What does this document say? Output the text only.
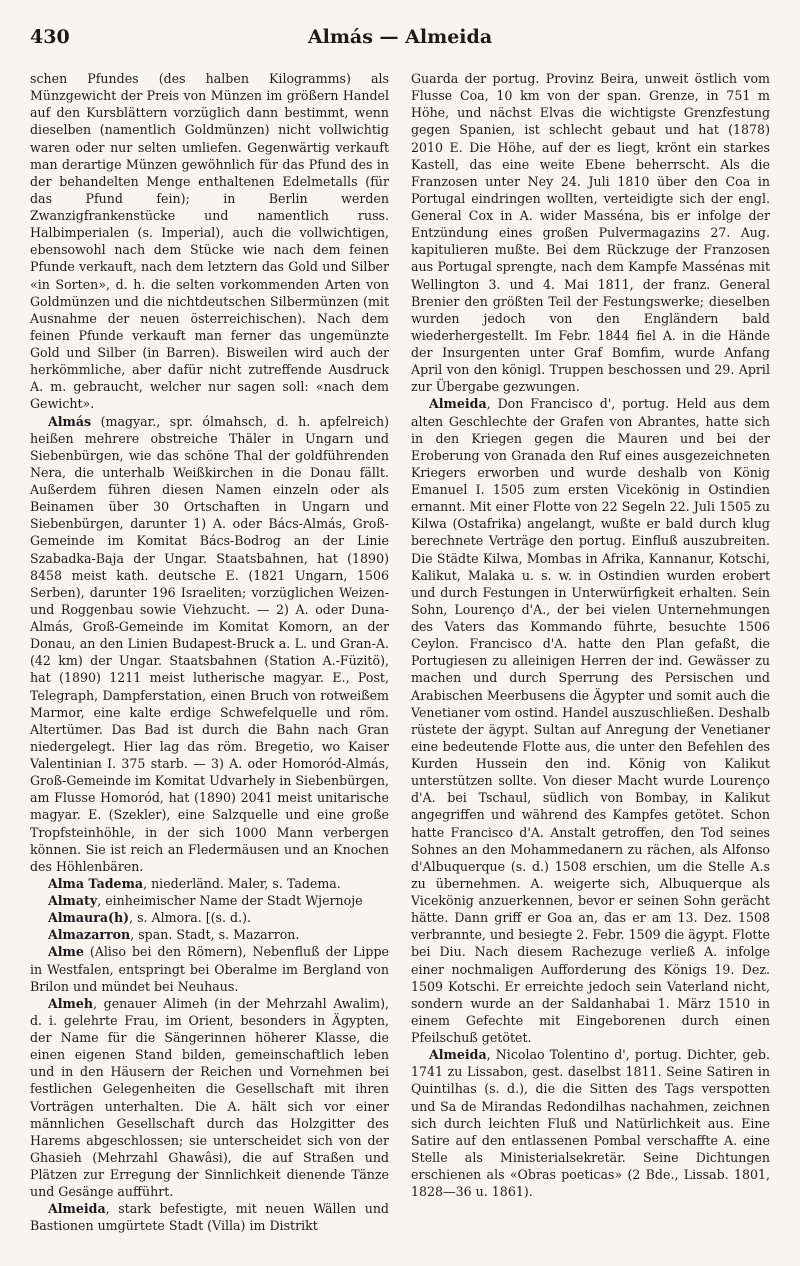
430	Almás — Almeida

schen Pfundes (des halben Kilogramms) als Münzgewicht der Preis von Münzen im größern Handel auf den Kursblättern vorzüglich dann bestimmt, wenn dieselben (namentlich Goldmünzen) nicht vollwichtig waren oder nur selten umliefen. Gegenwärtig verkauft man derartige Münzen gewöhnlich für das Pfund des in der behandelten Menge enthaltenen Edelmetalls (für das Pfund fein); in Berlin werden Zwanzigfrankenstücke und namentlich russ. Halbimperialen (s. Imperial), auch die vollwichtigen, ebensowohl nach dem Stücke wie nach dem feinen Pfunde verkauft, nach dem letztern das Gold und Silber «in Sorten», d. h. die selten vorkommenden Arten von Goldmünzen und die nichtdeutschen Silbermünzen (mit Ausnahme der neuen österreichischen). Nach dem feinen Pfunde verkauft man ferner das ungemünzte Gold und Silber (in Barren). Bisweilen wird auch der herkömmliche, aber dafür nicht zutreffende Ausdruck A. m. gebraucht, welcher nur sagen soll: «nach dem Gewicht».

Almás (magyar., spr. ólmahsch, d. h. apfelreich) heißen mehrere obstreiche Thäler in Ungarn und Siebenbürgen, wie das schöne Thal der goldführenden Nera, die unterhalb Weißkirchen in die Donau fällt. Außerdem führen diesen Namen einzeln oder als Beinamen über 30 Ortschaften in Ungarn und Siebenbürgen, darunter 1) A. oder Bács-Almás, Groß-Gemeinde im Komitat Bács-Bodrog an der Linie Szabadka-Baja der Ungar. Staatsbahnen, hat (1890) 8458 meist kath. deutsche E. (1821 Ungarn, 1506 Serben), darunter 196 Israeliten; vorzüglichen Weizen- und Roggenbau sowie Viehzucht. — 2) A. oder Duna-Almás, Groß-Gemeinde im Komitat Komorn, an der Donau, an den Linien Budapest-Bruck a. L. und Gran-A. (42 km) der Ungar. Staatsbahnen (Station A.-Füzitö), hat (1890) 1211 meist lutherische magyar. E., Post, Telegraph, Dampferstation, einen Bruch von rotweißem Marmor, eine kalte erdige Schwefelquelle und röm. Altertümer. Das Bad ist durch die Bahn nach Gran niedergelegt. Hier lag das röm. Bregetio, wo Kaiser Valentinian I. 375 starb. — 3) A. oder Homoród-Almás, Groß-Gemeinde im Komitat Udvarhely in Siebenbürgen, am Flusse Homoród, hat (1890) 2041 meist unitarische magyar. E. (Szekler), eine Salzquelle und eine große Tropfsteinhöhle, in der sich 1000 Mann verbergen können. Sie ist reich an Fledermäusen und an Knochen des Höhlenbären.

Alma Tadema, niederländ. Maler, s. Tadema.

Almaty, einheimischer Name der Stadt Wjernoje

Almaura(h), s. Almora. [(s. d.).

Almazarron, span. Stadt, s. Mazarron.

Alme (Aliso bei den Römern), Nebenfluß der Lippe in Westfalen, entspringt bei Oberalme im Bergland von Brilon und mündet bei Neuhaus.

Almeh, genauer Alimeh (in der Mehrzahl Awalim), d. i. gelehrte Frau, im Orient, besonders in Ägypten, der Name für die Sängerinnen höherer Klasse, die einen eigenen Stand bilden, gemeinschaftlich leben und in den Häusern der Reichen und Vornehmen bei festlichen Gelegenheiten die Gesellschaft mit ihren Vorträgen unterhalten. Die A. hält sich vor einer männlichen Gesellschaft durch das Holzgitter des Harems abgeschlossen; sie unterscheidet sich von der Ghasieh (Mehrzahl Ghawâsi), die auf Straßen und Plätzen zur Erregung der Sinnlichkeit dienende Tänze und Gesänge aufführt.

Almeida, stark befestigte, mit neuen Wällen und Bastionen umgürtete Stadt (Villa) im Distrikt

Guarda der portug. Provinz Beira, unweit östlich vom Flusse Coa, 10 km von der span. Grenze, in 751 m Höhe, und nächst Elvas die wichtigste Grenzfestung gegen Spanien, ist schlecht gebaut und hat (1878) 2010 E. Die Höhe, auf der es liegt, krönt ein starkes Kastell, das eine weite Ebene beherrscht. Als die Franzosen unter Ney 24. Juli 1810 über den Coa in Portugal eindringen wollten, verteidigte sich der engl. General Cox in A. wider Masséna, bis er infolge der Entzündung eines großen Pulvermagazins 27. Aug. kapitulieren mußte. Bei dem Rückzuge der Franzosen aus Portugal sprengte, nach dem Kampfe Massénas mit Wellington 3. und 4. Mai 1811, der franz. General Brenier den größten Teil der Festungswerke; dieselben wurden jedoch von den Engländern bald wiederhergestellt. Im Febr. 1844 fiel A. in die Hände der Insurgenten unter Graf Bomfim, wurde Anfang April von den königl. Truppen beschossen und 29. April zur Übergabe gezwungen.

Almeida, Don Francisco d', portug. Held aus dem alten Geschlechte der Grafen von Abrantes, hatte sich in den Kriegen gegen die Mauren und bei der Eroberung von Granada den Ruf eines ausgezeichneten Kriegers erworben und wurde deshalb von König Emanuel I. 1505 zum ersten Vicekönig in Ostindien ernannt. Mit einer Flotte von 22 Segeln 22. Juli 1505 zu Kilwa (Ostafrika) angelangt, wußte er bald durch klug berechnete Verträge den portug. Einfluß auszubreiten. Die Städte Kilwa, Mombas in Afrika, Kannanur, Kotschi, Kalikut, Malaka u. s. w. in Ostindien wurden erobert und durch Festungen in Unterwürfigkeit erhalten. Sein Sohn, Lourenço d'A., der bei vielen Unternehmungen des Vaters das Kommando führte, besuchte 1506 Ceylon. Francisco d'A. hatte den Plan gefaßt, die Portugiesen zu alleinigen Herren der ind. Gewässer zu machen und durch Sperrung des Persischen und Arabischen Meerbusens die Ägypter und somit auch die Venetianer vom ostind. Handel auszuschließen. Deshalb rüstete der ägypt. Sultan auf Anregung der Venetianer eine bedeutende Flotte aus, die unter den Befehlen des Kurden Hussein den ind. König von Kalikut unterstützen sollte. Von dieser Macht wurde Lourenço d'A. bei Tschaul, südlich von Bombay, in Kalikut angegriffen und während des Kampfes getötet. Schon hatte Francisco d'A. Anstalt getroffen, den Tod seines Sohnes an den Mohammedanern zu rächen, als Alfonso d'Albuquerque (s. d.) 1508 erschien, um die Stelle A.s zu übernehmen. A. weigerte sich, Albuquerque als Vicekönig anzuerkennen, bevor er seinen Sohn gerächt hätte. Dann griff er Goa an, das er am 13. Dez. 1508 verbrannte, und besiegte 2. Febr. 1509 die ägypt. Flotte bei Diu. Nach diesem Rachezuge verließ A. infolge einer nochmaligen Aufforderung des Königs 19. Dez. 1509 Kotschi. Er erreichte jedoch sein Vaterland nicht, sondern wurde an der Saldanhabai 1. März 1510 in einem Gefechte mit Eingeborenen durch einen Pfeilschuß getötet.

Almeida, Nicolao Tolentino d', portug. Dichter, geb. 1741 zu Lissabon, gest. daselbst 1811. Seine Satiren in Quintilhas (s. d.), die die Sitten des Tags verspotten und Sa de Mirandas Redondilhas nachahmen, zeichnen sich durch leichten Fluß und Natürlichkeit aus. Eine Satire auf den entlassenen Pombal verschaffte A. eine Stelle als Ministerialsekretär. Seine Dichtungen erschienen als «Obras poeticas» (2 Bde., Lissab. 1801, 1828—36 u. 1861).
